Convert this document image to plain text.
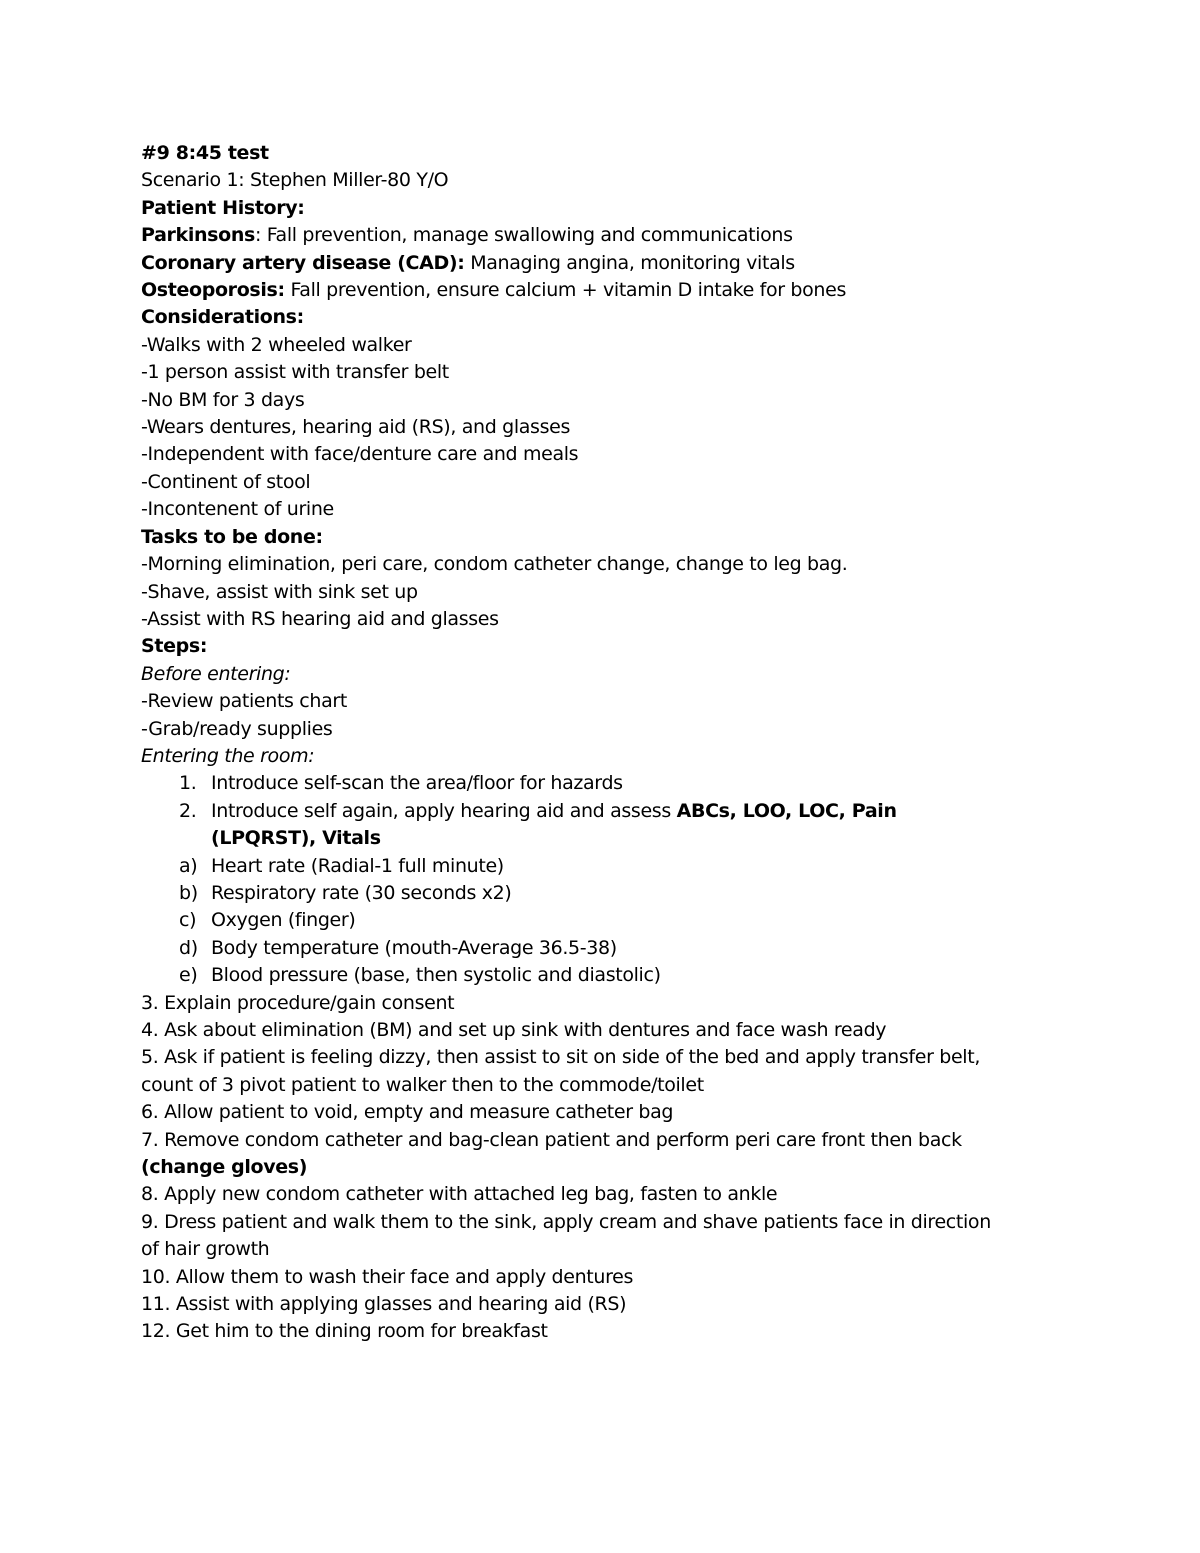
#9 8:45 test
Scenario 1: Stephen Miller-80 Y/O
Patient History:
Parkinsons: Fall prevention, manage swallowing and communications
Coronary artery disease (CAD): Managing angina, monitoring vitals
Osteoporosis: Fall prevention, ensure calcium + vitamin D intake for bones
Considerations:
-Walks with 2 wheeled walker
-1 person assist with transfer belt
-No BM for 3 days
-Wears dentures, hearing aid (RS), and glasses
-Independent with face/denture care and meals
-Continent of stool
-Incontenent of urine
Tasks to be done:
-Morning elimination, peri care, condom catheter change, change to leg bag.
-Shave, assist with sink set up
-Assist with RS hearing aid and glasses
Steps:
Before entering:
-Review patients chart
-Grab/ready supplies
Entering the room:
1. Introduce self-scan the area/floor for hazards
2. Introduce self again, apply hearing aid and assess ABCs, LOO, LOC, Pain
(LPQRST), Vitals
a) Heart rate (Radial-1 full minute)
b) Respiratory rate (30 seconds x2)
c) Oxygen (finger)
d) Body temperature (mouth-Average 36.5-38)
e) Blood pressure (base, then systolic and diastolic)
3. Explain procedure/gain consent
4. Ask about elimination (BM) and set up sink with dentures and face wash ready
5. Ask if patient is feeling dizzy, then assist to sit on side of the bed and apply transfer belt,
count of 3 pivot patient to walker then to the commode/toilet
6. Allow patient to void, empty and measure catheter bag
7. Remove condom catheter and bag-clean patient and perform peri care front then back
(change gloves)
8. Apply new condom catheter with attached leg bag, fasten to ankle
9. Dress patient and walk them to the sink, apply cream and shave patients face in direction
of hair growth
10. Allow them to wash their face and apply dentures
11. Assist with applying glasses and hearing aid (RS)
12. Get him to the dining room for breakfast
